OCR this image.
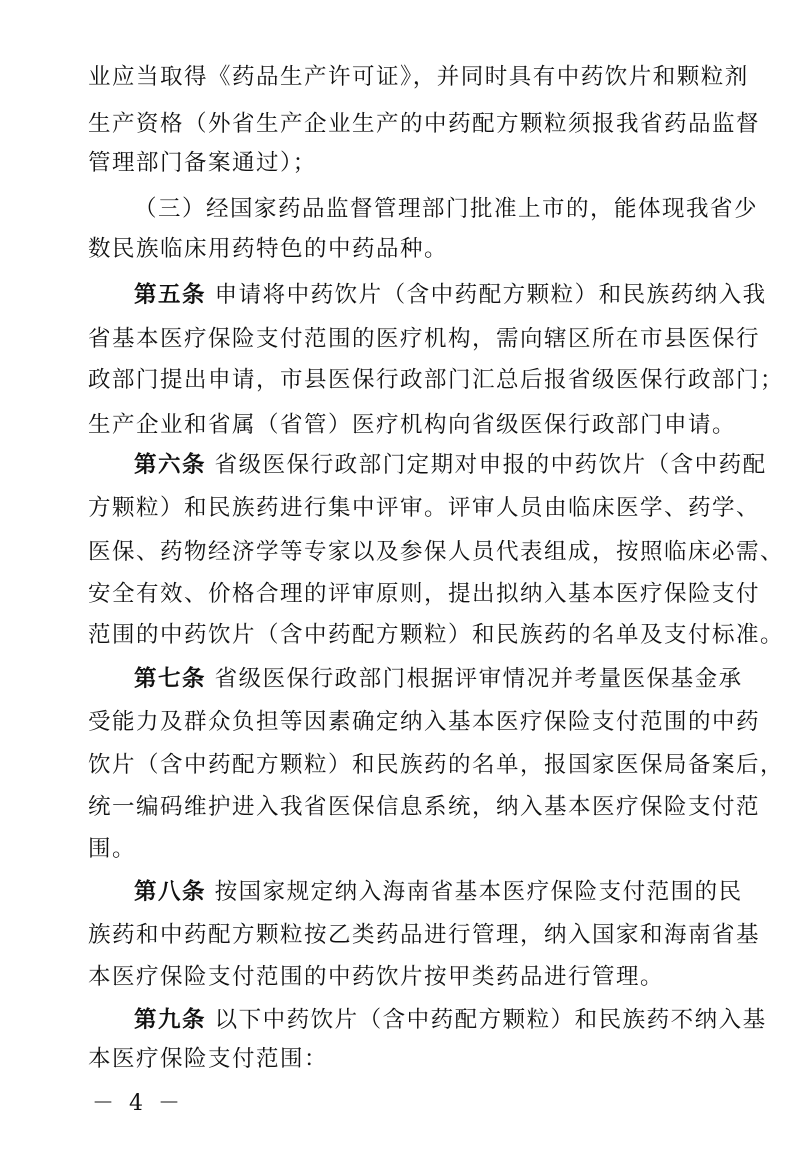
业应当取得《药品生产许可证》，并同时具有中药饮片和颗粒剂
生产资格（外省生产企业生产的中药配方颗粒须报我省药品监督
管理部门备案通过）；
（三）经国家药品监督管理部门批准上市的，能体现我省少
数民族临床用药特色的中药品种。
第五条 申请将中药饮片（含中药配方颗粒）和民族药纳入我
省基本医疗保险支付范围的医疗机构，需向辖区所在市县医保行
政部门提出申请，市县医保行政部门汇总后报省级医保行政部门；
生产企业和省属（省管）医疗机构向省级医保行政部门申请。
第六条 省级医保行政部门定期对申报的中药饮片（含中药配
方颗粒）和民族药进行集中评审。评审人员由临床医学、药学、
医保、药物经济学等专家以及参保人员代表组成，按照临床必需、
安全有效、价格合理的评审原则，提出拟纳入基本医疗保险支付
范围的中药饮片（含中药配方颗粒）和民族药的名单及支付标准。
第七条 省级医保行政部门根据评审情况并考量医保基金承
受能力及群众负担等因素确定纳入基本医疗保险支付范围的中药
饮片（含中药配方颗粒）和民族药的名单，报国家医保局备案后，
统一编码维护进入我省医保信息系统，纳入基本医疗保险支付范
围。
第八条 按国家规定纳入海南省基本医疗保险支付范围的民
族药和中药配方颗粒按乙类药品进行管理，纳入国家和海南省基
本医疗保险支付范围的中药饮片按甲类药品进行管理。
第九条 以下中药饮片（含中药配方颗粒）和民族药不纳入基
本医疗保险支付范围：
－ 4 －
